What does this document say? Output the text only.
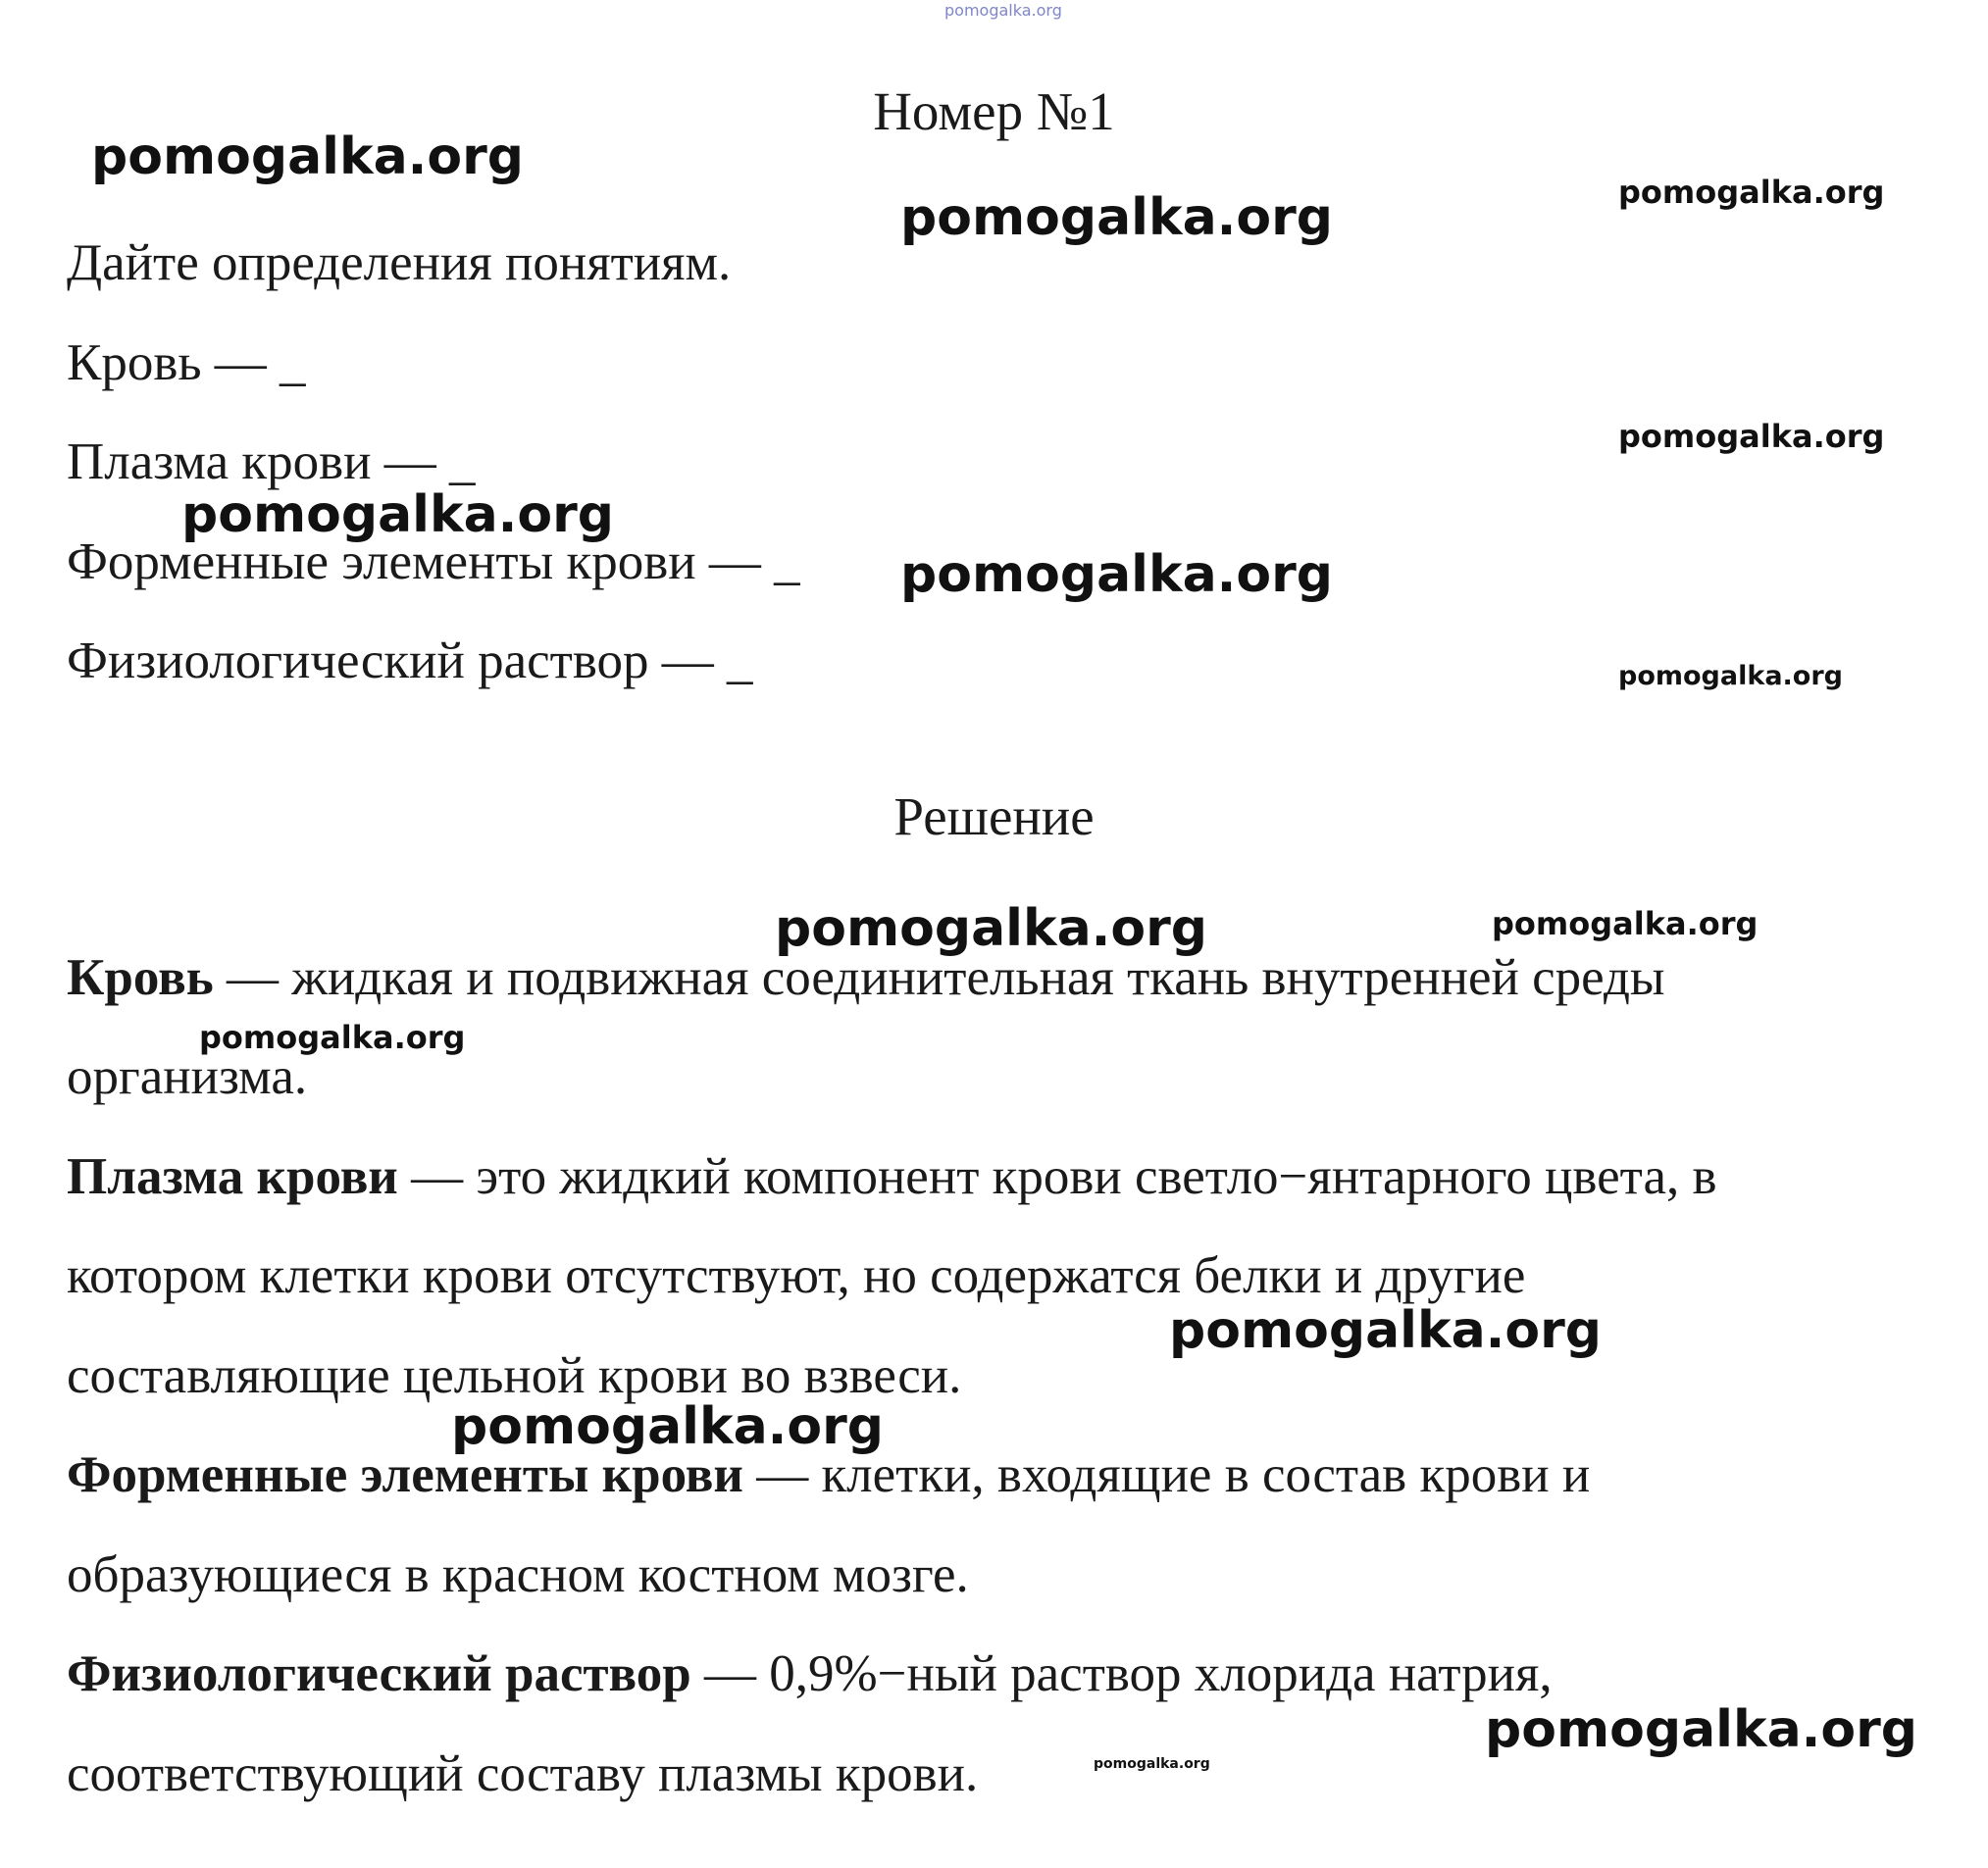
pomogalka.org
Номер №1
Дайте определения понятиям.
Кровь — _
Плазма крови — _
Форменные элементы крови — _
Физиологический раствор — _
Решение
Кровь — жидкая и подвижная соединительная ткань внутренней среды
организма.
Плазма крови — это жидкий компонент крови светло−янтарного цвета, в
котором клетки крови отсутствуют, но содержатся белки и другие
составляющие цельной крови во взвеси.
Форменные элементы крови — клетки, входящие в состав крови и
образующиеся в красном костном мозге.
Физиологический раствор — 0,9%−ный раствор хлорида натрия,
соответствующий составу плазмы крови.
pomogalka.org
pomogalka.org	pomogalka.org
pomogalka.org
pomogalka.org
pomogalka.org
pomogalka.org
pomogalka.org	pomogalka.org
pomogalka.org
pomogalka.org
pomogalka.org
pomogalka.org
pomogalka.org
